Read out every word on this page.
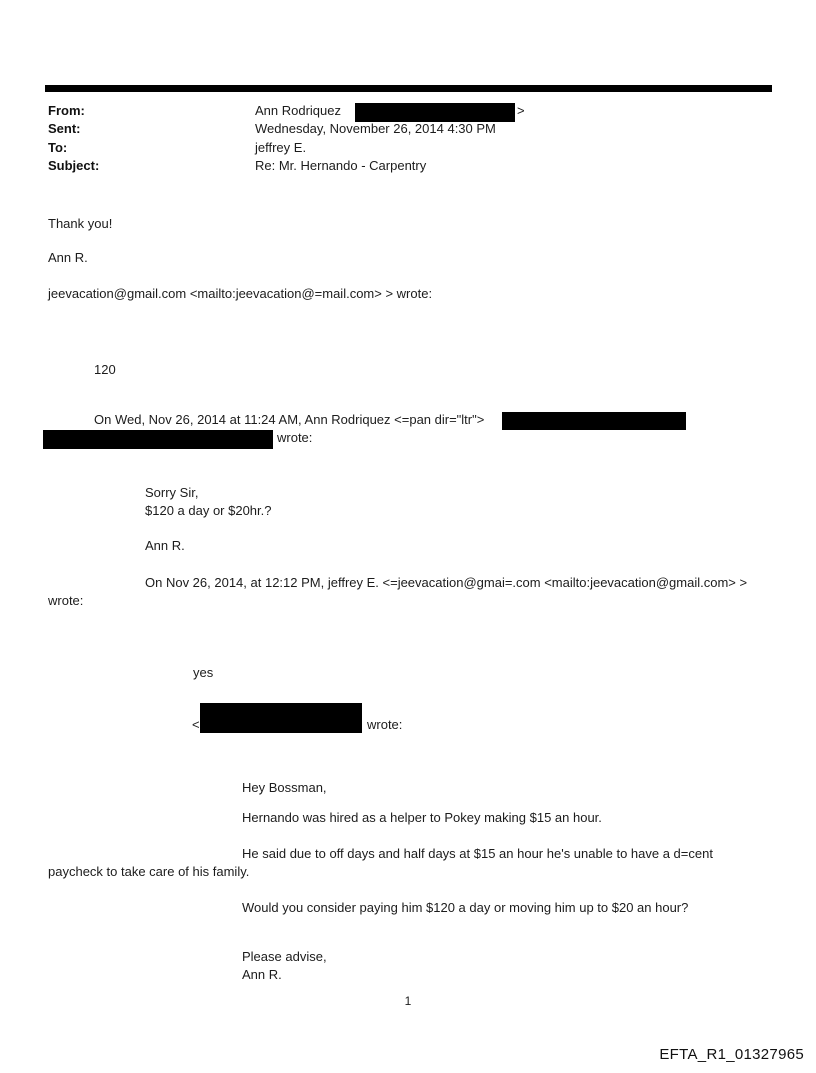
From:	Ann Rodriquez	>
Sent:	Wednesday, November 26, 2014 4:30 PM
To:	jeffrey E.
Subject:	Re: Mr. Hernando - Carpentry
Thank you!
Ann R.
jeevacation@gmail.com <mailto:jeevacation@=mail.com> > wrote:
120
On Wed, Nov 26, 2014 at 11:24 AM, Ann Rodriquez <=pan dir="ltr">
wrote:
Sorry Sir,
$120 a day or $20hr.?
Ann R.
On Nov 26, 2014, at 12:12 PM, jeffrey E. <=jeevacation@gmai=.com <mailto:jeevacation@gmail.com> >
wrote:
yes
<	wrote:
Hey Bossman,
Hernando was hired as a helper to Pokey making $15 an hour.
He said due to off days and half days at $15 an hour he's unable to have a d=cent
paycheck to take care of his family.
Would you consider paying him $120 a day or moving him up to $20 an hour?
Please advise,
Ann R.
1
EFTA_R1_01327965
